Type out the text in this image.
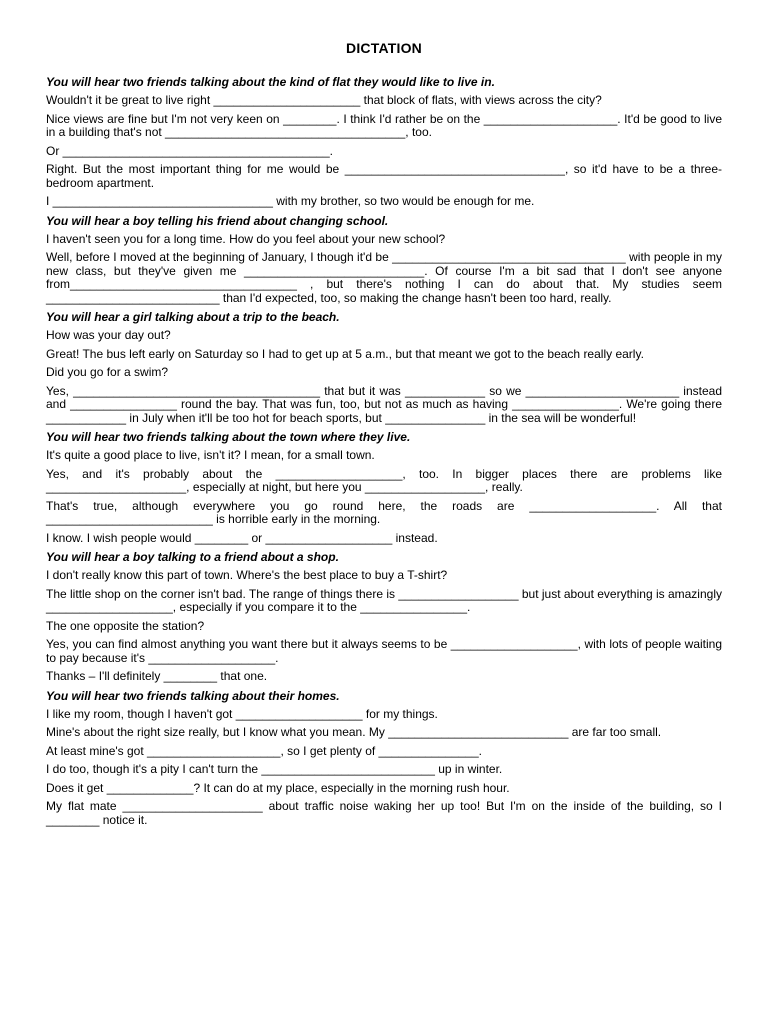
DICTATION
You will hear two friends talking about the kind of flat they would like to live in.
Wouldn't it be great to live right ______________________ that block of flats, with views across the city?
Nice views are fine but I'm not very keen on ________. I think I'd rather be on the ____________________. It'd be good to live in a building that's not ____________________________________, too.
Or ________________________________________.
Right. But the most important thing for me would be _________________________________, so it'd have to be a three-bedroom apartment.
I _________________________________ with my brother, so two would be enough for me.
You will hear a boy telling his friend about changing school.
I haven't seen you for a long time. How do you feel about your new school?
Well, before I moved at the beginning of January, I though it'd be ___________________________________ with people in my new class, but they've given me ___________________________. Of course I'm a bit sad that I don't see anyone from__________________________________ , but there's nothing I can do about that. My studies seem __________________________ than I'd expected, too, so making the change hasn't been too hard, really.
You will hear a girl talking about a trip to the beach.
How was your day out?
Great! The bus left early on Saturday so I had to get up at 5 a.m., but that meant we got to the beach really early.
Did you go for a swim?
Yes, _____________________________________ that but it was ____________ so we _______________________ instead and ________________ round the bay. That was fun, too, but not as much as having ________________. We're going there ____________ in July when it'll be too hot for beach sports, but _______________ in the sea will be wonderful!
You will hear two friends talking about the town where they live.
It's quite a good place to live, isn't it? I mean, for a small town.
Yes, and it's probably about the ___________________, too. In bigger places there are problems like _____________________, especially at night, but here you __________________, really.
That's true, although everywhere you go round here, the roads are ___________________. All that _________________________ is horrible early in the morning.
I know. I wish people would ________ or ___________________ instead.
You will hear a boy talking to a friend about a shop.
I don't really know this part of town. Where's the best place to buy a T-shirt?
The little shop on the corner isn't bad. The range of things there is __________________ but just about everything is amazingly ___________________, especially if you compare it to the ________________.
The one opposite the station?
Yes, you can find almost anything you want there but it always seems to be ___________________, with lots of people waiting to pay because it's ___________________.
Thanks – I'll definitely ________ that one.
You will hear two friends talking about their homes.
I like my room, though I haven't got ___________________ for my things.
Mine's about the right size really, but I know what you mean. My ___________________________ are far too small.
At least mine's got ____________________, so I get plenty of _______________.
I do too, though it's a pity I can't turn the __________________________ up in winter.
Does it get _____________? It can do at my place, especially in the morning rush hour.
My flat mate _____________________ about traffic noise waking her up too! But I'm on the inside of the building, so I ________ notice it.
